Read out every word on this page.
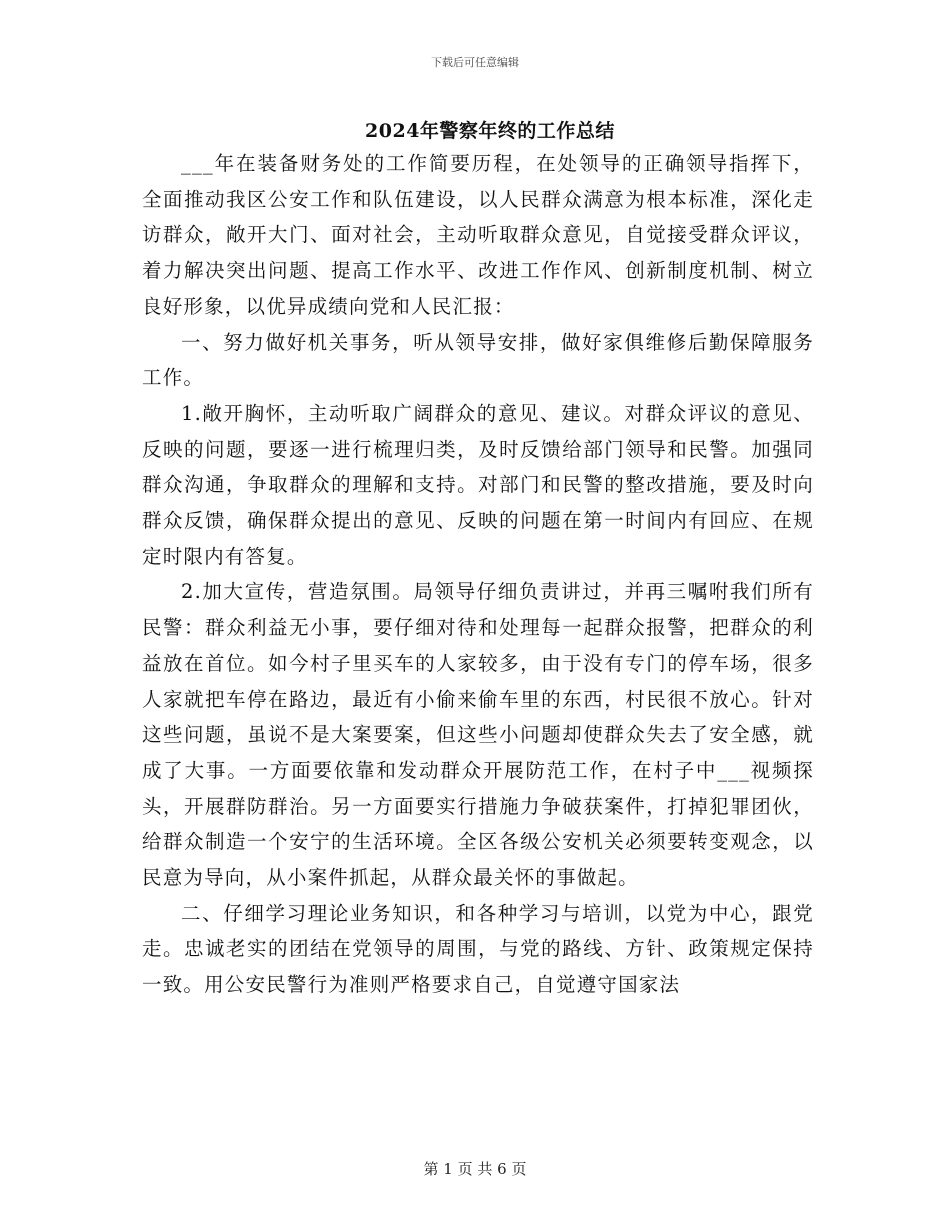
下载后可任意编辑
2024年警察年终的工作总结

___年在装备财务处的工作简要历程，在处领导的正确领导指挥下，全面推动我区公安工作和队伍建设，以人民群众满意为根本标准，深化走访群众，敞开大门、面对社会，主动听取群众意见，自觉接受群众评议，着力解决突出问题、提高工作水平、改进工作作风、创新制度机制、树立良好形象，以优异成绩向党和人民汇报：

一、努力做好机关事务，听从领导安排，做好家俱维修后勤保障服务工作。

1.敞开胸怀，主动听取广阔群众的意见、建议。对群众评议的意见、反映的问题，要逐一进行梳理归类，及时反馈给部门领导和民警。加强同群众沟通，争取群众的理解和支持。对部门和民警的整改措施，要及时向群众反馈，确保群众提出的意见、反映的问题在第一时间内有回应、在规定时限内有答复。

2.加大宣传，营造氛围。局领导仔细负责讲过，并再三嘱咐我们所有民警：群众利益无小事，要仔细对待和处理每一起群众报警，把群众的利益放在首位。如今村子里买车的人家较多，由于没有专门的停车场，很多人家就把车停在路边，最近有小偷来偷车里的东西，村民很不放心。针对这些问题，虽说不是大案要案，但这些小问题却使群众失去了安全感，就成了大事。一方面要依靠和发动群众开展防范工作，在村子中___视频探头，开展群防群治。另一方面要实行措施力争破获案件，打掉犯罪团伙，给群众制造一个安宁的生活环境。全区各级公安机关必须要转变观念，以民意为导向，从小案件抓起，从群众最关怀的事做起。

二、仔细学习理论业务知识，和各种学习与培训，以党为中心，跟党走。忠诚老实的团结在党领导的周围，与党的路线、方针、政策规定保持一致。用公安民警行为准则严格要求自己，自觉遵守国家法

第 1 页 共 6 页
